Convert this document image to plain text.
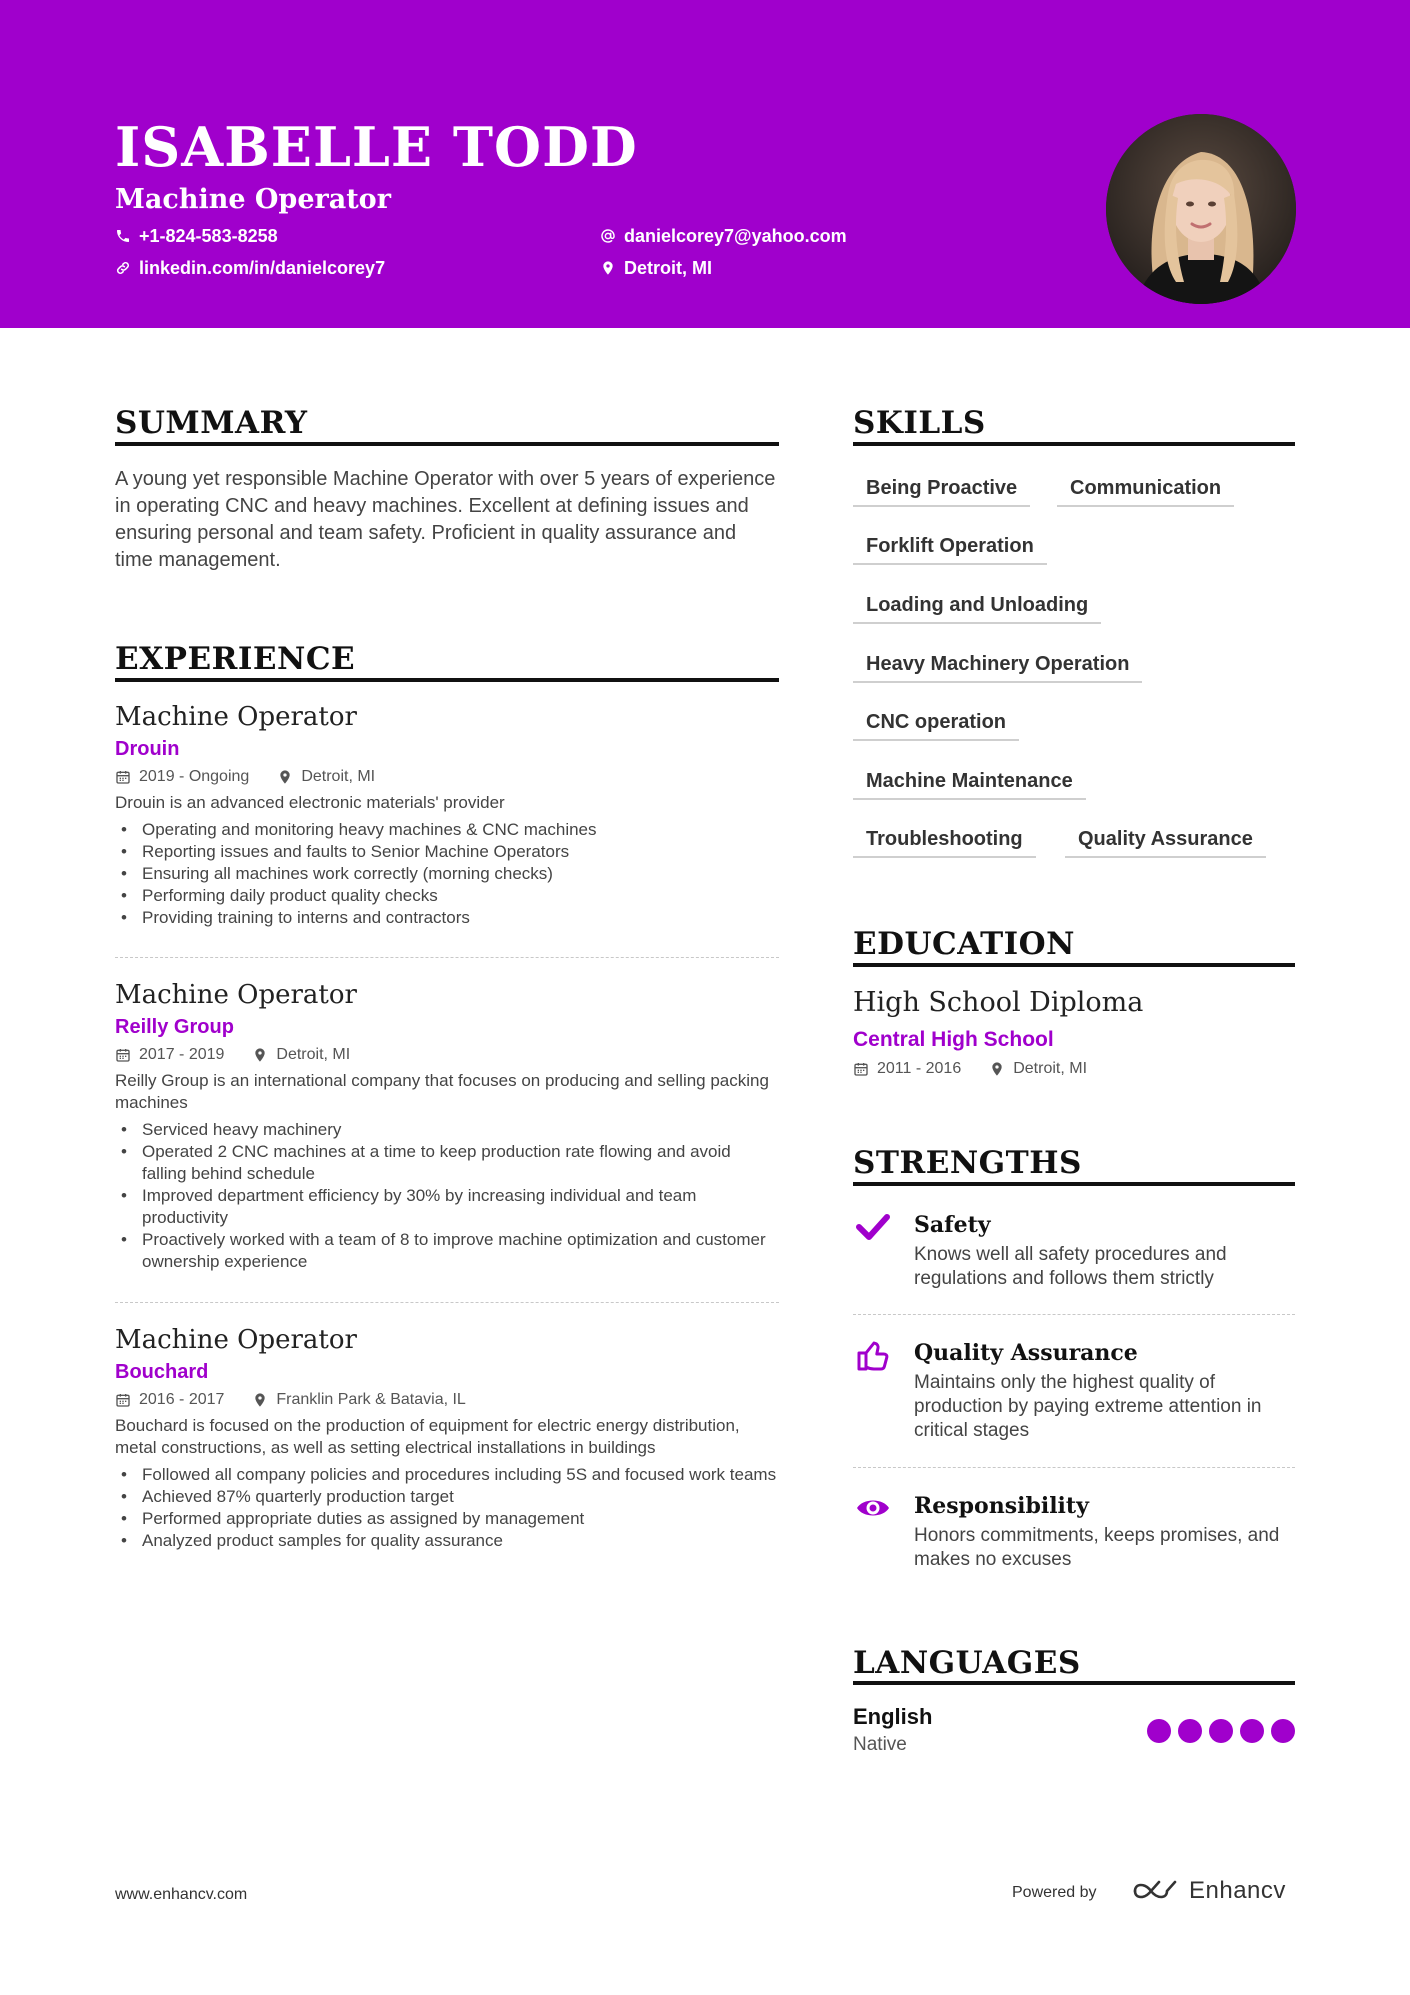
ISABELLE TODD
Machine Operator
+1-824-583-8258
linkedin.com/in/danielcorey7
danielcorey7@yahoo.com
Detroit, MI
SUMMARY
A young yet responsible Machine Operator with over 5 years of experience in operating CNC and heavy machines. Excellent at defining issues and ensuring personal and team safety. Proficient in quality assurance and time management.
EXPERIENCE
Machine Operator
Drouin
2019 - Ongoing	Detroit, MI
Drouin is an advanced electronic materials' provider
• Operating and monitoring heavy machines & CNC machines
• Reporting issues and faults to Senior Machine Operators
• Ensuring all machines work correctly (morning checks)
• Performing daily product quality checks
• Providing training to interns and contractors
Machine Operator
Reilly Group
2017 - 2019	Detroit, MI
Reilly Group is an international company that focuses on producing and selling packing machines
• Serviced heavy machinery
• Operated 2 CNC machines at a time to keep production rate flowing and avoid falling behind schedule
• Improved department efficiency by 30% by increasing individual and team productivity
• Proactively worked with a team of 8 to improve machine optimization and customer ownership experience
Machine Operator
Bouchard
2016 - 2017	Franklin Park & Batavia, IL
Bouchard is focused on the production of equipment for electric energy distribution, metal constructions, as well as setting electrical installations in buildings
• Followed all company policies and procedures including 5S and focused work teams
• Achieved 87% quarterly production target
• Performed appropriate duties as assigned by management
• Analyzed product samples for quality assurance
SKILLS
Being Proactive	Communication
Forklift Operation
Loading and Unloading
Heavy Machinery Operation
CNC operation
Machine Maintenance
Troubleshooting	Quality Assurance
EDUCATION
High School Diploma
Central High School
2011 - 2016	Detroit, MI
STRENGTHS
Safety
Knows well all safety procedures and regulations and follows them strictly
Quality Assurance
Maintains only the highest quality of production by paying extreme attention in critical stages
Responsibility
Honors commitments, keeps promises, and makes no excuses
LANGUAGES
English
Native
www.enhancv.com	Powered by	Enhancv
